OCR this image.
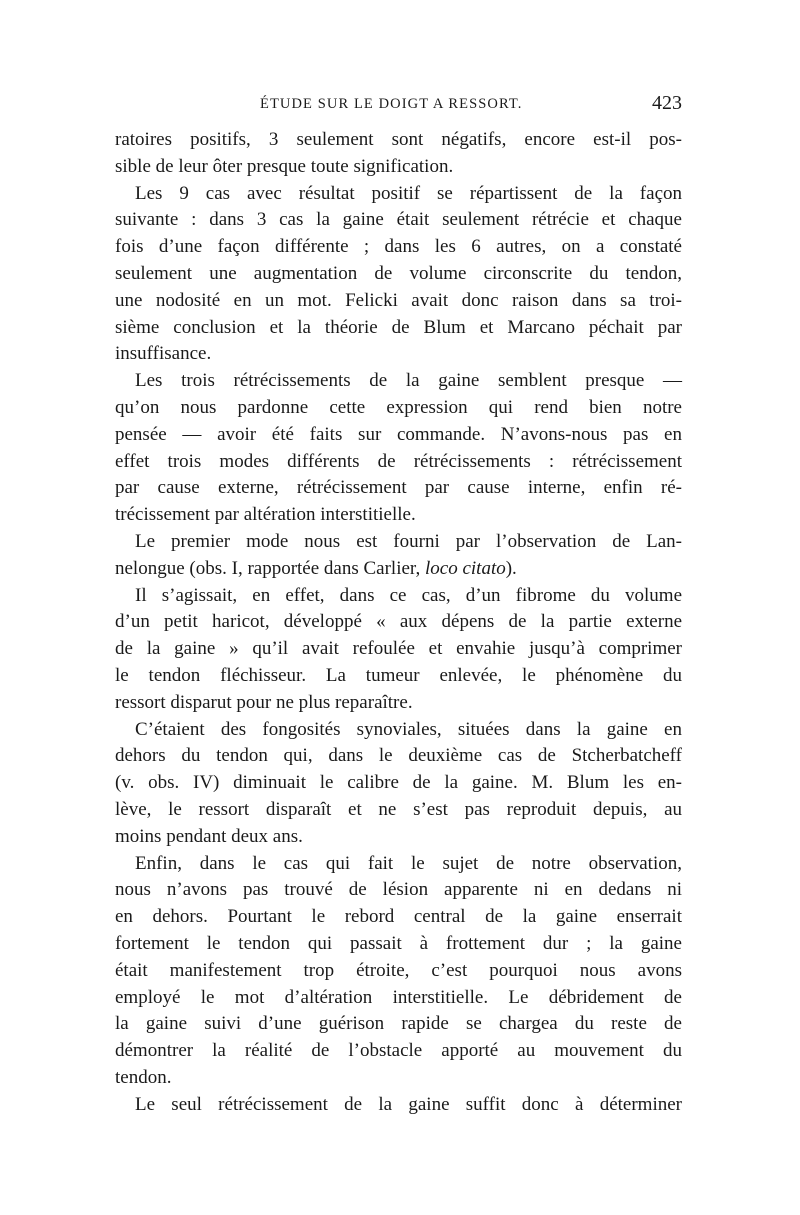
ÉTUDE SUR LE DOIGT A RESSORT.	423
ratoires positifs, 3 seulement sont négatifs, encore est-il pos-
sible de leur ôter presque toute signification.
Les 9 cas avec résultat positif se répartissent de la façon
suivante : dans 3 cas la gaine était seulement rétrécie et chaque
fois d’une façon différente ; dans les 6 autres, on a constaté
seulement une augmentation de volume circonscrite du tendon,
une nodosité en un mot. Felicki avait donc raison dans sa troi-
sième conclusion et la théorie de Blum et Marcano péchait par
insuffisance.
Les trois rétrécissements de la gaine semblent presque —
qu’on nous pardonne cette expression qui rend bien notre
pensée — avoir été faits sur commande. N’avons-nous pas en
effet trois modes différents de rétrécissements : rétrécissement
par cause externe, rétrécissement par cause interne, enfin ré-
trécissement par altération interstitielle.
Le premier mode nous est fourni par l’observation de Lan-
nelongue (obs. I, rapportée dans Carlier, loco citato).
Il s’agissait, en effet, dans ce cas, d’un fibrome du volume
d’un petit haricot, développé « aux dépens de la partie externe
de la gaine » qu’il avait refoulée et envahie jusqu’à comprimer
le tendon fléchisseur. La tumeur enlevée, le phénomène du
ressort disparut pour ne plus reparaître.
C’étaient des fongosités synoviales, situées dans la gaine en
dehors du tendon qui, dans le deuxième cas de Stcherbatcheff
(v. obs. IV) diminuait le calibre de la gaine. M. Blum les en-
lève, le ressort disparaît et ne s’est pas reproduit depuis, au
moins pendant deux ans.
Enfin, dans le cas qui fait le sujet de notre observation,
nous n’avons pas trouvé de lésion apparente ni en dedans ni
en dehors. Pourtant le rebord central de la gaine enserrait
fortement le tendon qui passait à frottement dur ; la gaine
était manifestement trop étroite, c’est pourquoi nous avons
employé le mot d’altération interstitielle. Le débridement de
la gaine suivi d’une guérison rapide se chargea du reste de
démontrer la réalité de l’obstacle apporté au mouvement du
tendon.
Le seul rétrécissement de la gaine suffit donc à déterminer
